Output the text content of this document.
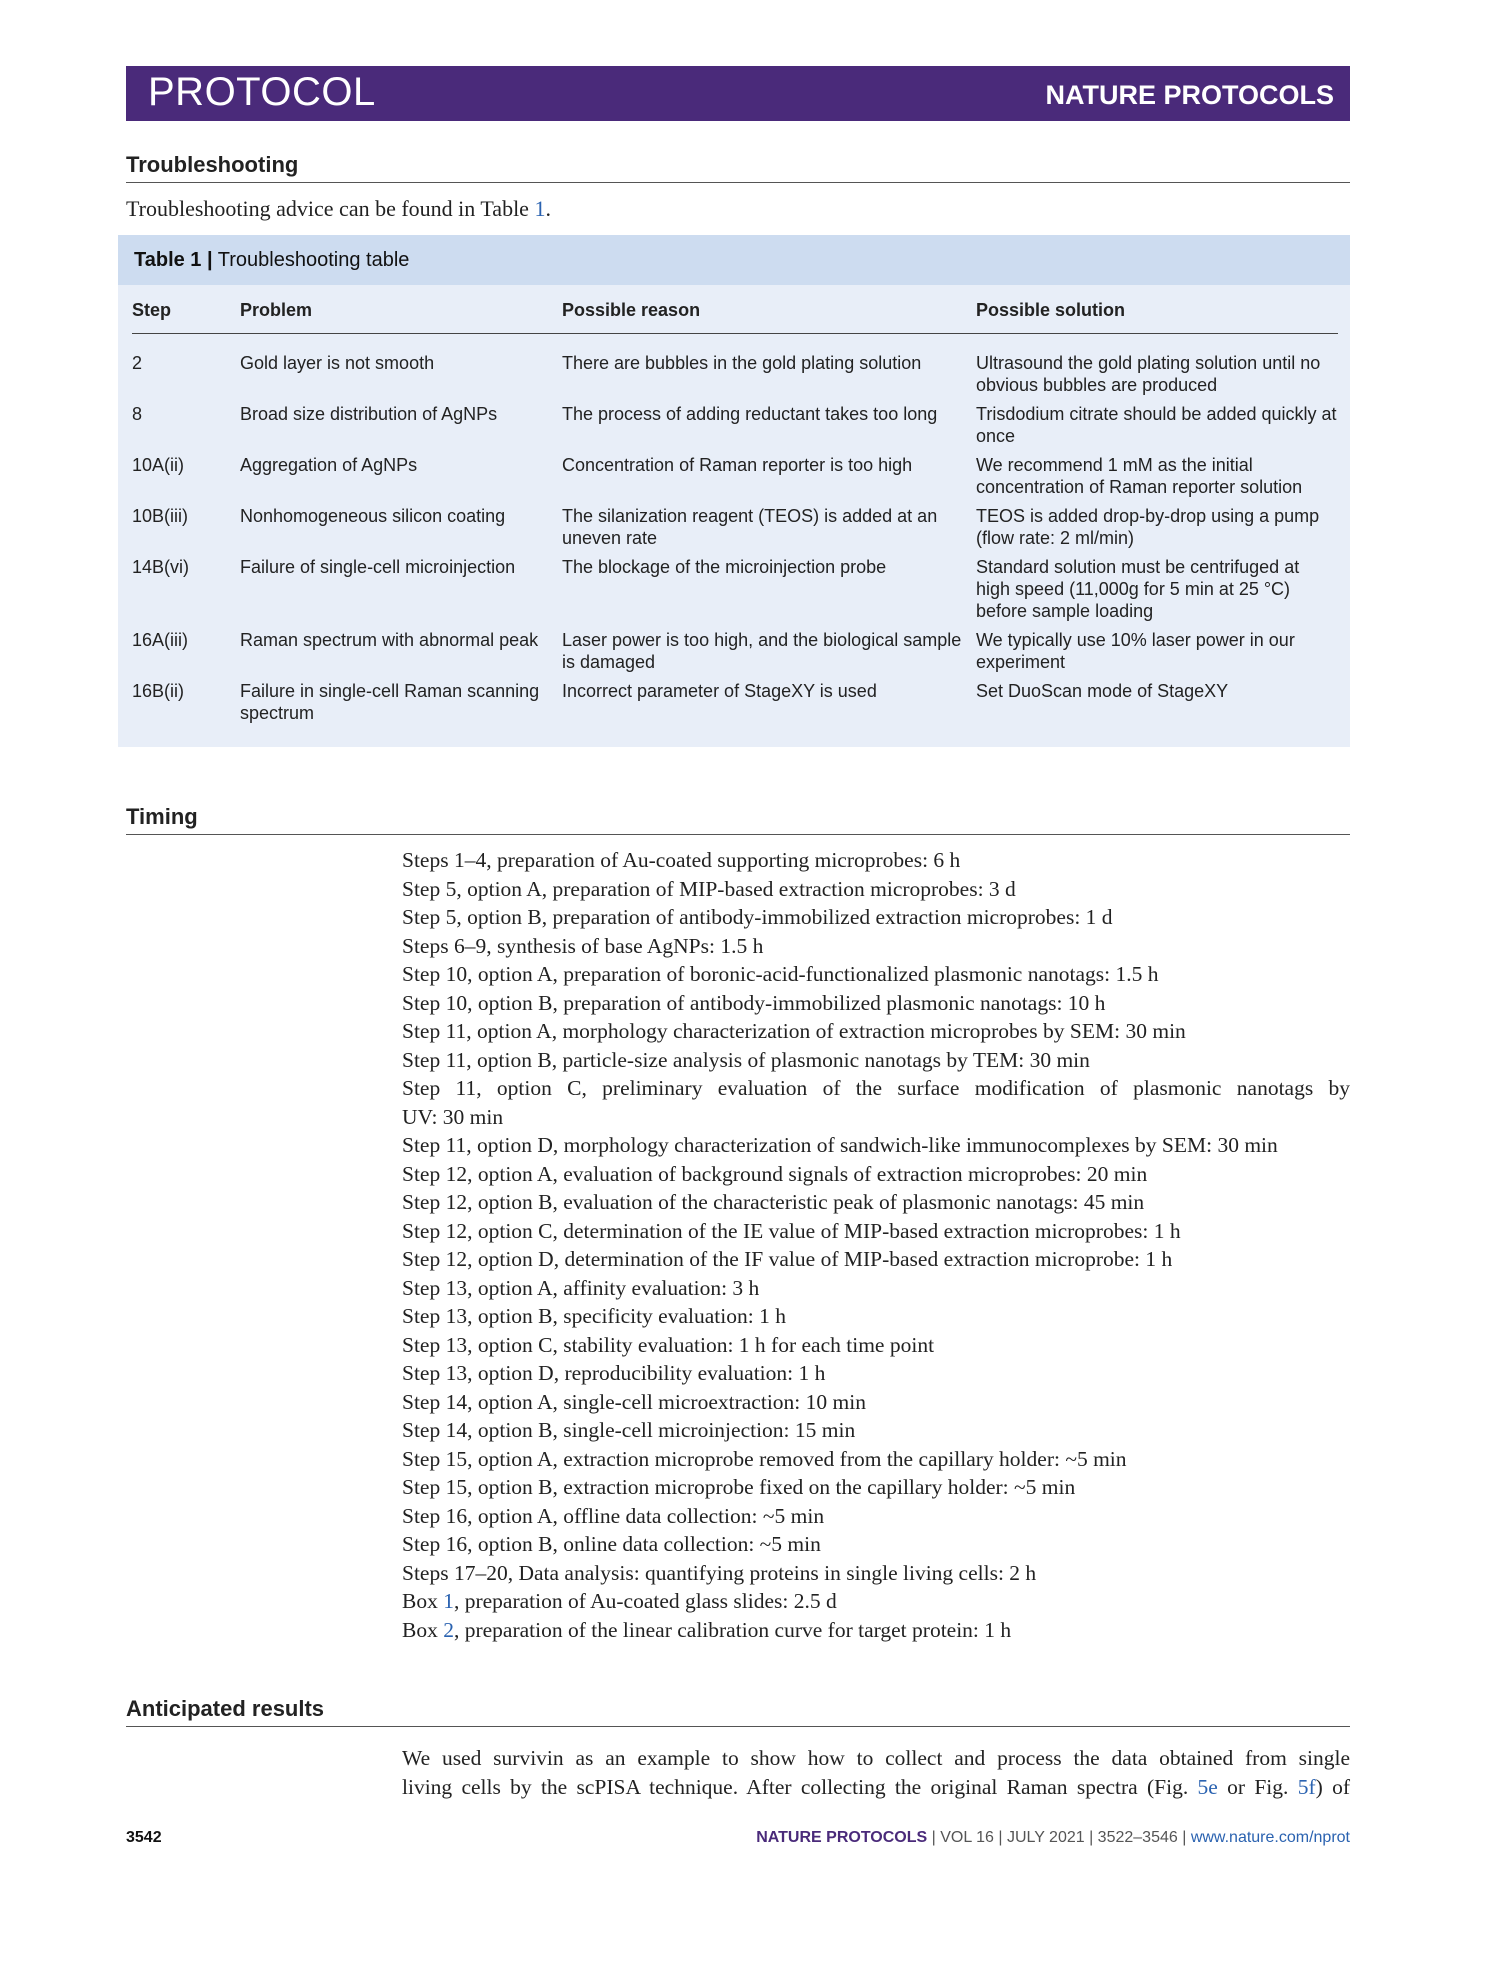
PROTOCOL	NATURE PROTOCOLS
Troubleshooting
Troubleshooting advice can be found in Table 1.
Table 1 | Troubleshooting table
Step	Problem	Possible reason	Possible solution
2	Gold layer is not smooth	There are bubbles in the gold plating solution	Ultrasound the gold plating solution until no obvious bubbles are produced
8	Broad size distribution of AgNPs	The process of adding reductant takes too long	Trisdodium citrate should be added quickly at once
10A(ii)	Aggregation of AgNPs	Concentration of Raman reporter is too high	We recommend 1 mM as the initial concentration of Raman reporter solution
10B(iii)	Nonhomogeneous silicon coating	The silanization reagent (TEOS) is added at an uneven rate	TEOS is added drop-by-drop using a pump (flow rate: 2 ml/min)
14B(vi)	Failure of single-cell microinjection	The blockage of the microinjection probe	Standard solution must be centrifuged at high speed (11,000g for 5 min at 25 °C) before sample loading
16A(iii)	Raman spectrum with abnormal peak	Laser power is too high, and the biological sample is damaged	We typically use 10% laser power in our experiment
16B(ii)	Failure in single-cell Raman scanning spectrum	Incorrect parameter of StageXY is used	Set DuoScan mode of StageXY
Timing
Steps 1–4, preparation of Au-coated supporting microprobes: 6 h
Step 5, option A, preparation of MIP-based extraction microprobes: 3 d
Step 5, option B, preparation of antibody-immobilized extraction microprobes: 1 d
Steps 6–9, synthesis of base AgNPs: 1.5 h
Step 10, option A, preparation of boronic-acid-functionalized plasmonic nanotags: 1.5 h
Step 10, option B, preparation of antibody-immobilized plasmonic nanotags: 10 h
Step 11, option A, morphology characterization of extraction microprobes by SEM: 30 min
Step 11, option B, particle-size analysis of plasmonic nanotags by TEM: 30 min
Step 11, option C, preliminary evaluation of the surface modification of plasmonic nanotags by
UV: 30 min
Step 11, option D, morphology characterization of sandwich-like immunocomplexes by SEM: 30 min
Step 12, option A, evaluation of background signals of extraction microprobes: 20 min
Step 12, option B, evaluation of the characteristic peak of plasmonic nanotags: 45 min
Step 12, option C, determination of the IE value of MIP-based extraction microprobes: 1 h
Step 12, option D, determination of the IF value of MIP-based extraction microprobe: 1 h
Step 13, option A, affinity evaluation: 3 h
Step 13, option B, specificity evaluation: 1 h
Step 13, option C, stability evaluation: 1 h for each time point
Step 13, option D, reproducibility evaluation: 1 h
Step 14, option A, single-cell microextraction: 10 min
Step 14, option B, single-cell microinjection: 15 min
Step 15, option A, extraction microprobe removed from the capillary holder: ~5 min
Step 15, option B, extraction microprobe fixed on the capillary holder: ~5 min
Step 16, option A, offline data collection: ~5 min
Step 16, option B, online data collection: ~5 min
Steps 17–20, Data analysis: quantifying proteins in single living cells: 2 h
Box 1, preparation of Au-coated glass slides: 2.5 d
Box 2, preparation of the linear calibration curve for target protein: 1 h
Anticipated results
We used survivin as an example to show how to collect and process the data obtained from single
living cells by the scPISA technique. After collecting the original Raman spectra (Fig. 5e or Fig. 5f) of
3542	NATURE PROTOCOLS | VOL 16 | JULY 2021 | 3522–3546 | www.nature.com/nprot
